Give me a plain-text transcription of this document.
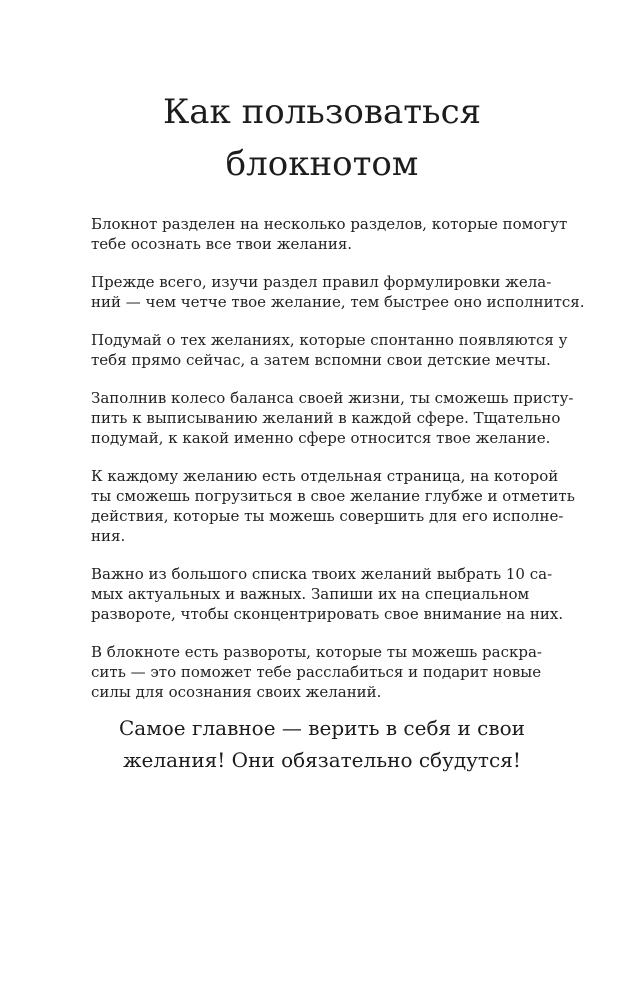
Как пользоваться
блокнотом

Блокнот разделен на несколько разделов, которые помогут
тебе осознать все твои желания.

Прежде всего, изучи раздел правил формулировки жела-
ний — чем четче твое желание, тем быстрее оно исполнится.

Подумай о тех желаниях, которые спонтанно появляются у
тебя прямо сейчас, а затем вспомни свои детские мечты.

Заполнив колесо баланса своей жизни, ты сможешь присту-
пить к выписыванию желаний в каждой сфере. Тщательно
подумай, к какой именно сфере относится твое желание.

К каждому желанию есть отдельная страница, на которой
ты сможешь погрузиться в свое желание глубже и отметить
действия, которые ты можешь совершить для его исполне-
ния.

Важно из большого списка твоих желаний выбрать 10 са-
мых актуальных и важных. Запиши их на специальном
развороте, чтобы сконцентрировать свое внимание на них.

В блокноте есть развороты, которые ты можешь раскра-
сить — это поможет тебе расслабиться и подарит новые
силы для осознания своих желаний.

Самое главное — верить в себя и свои
желания! Они обязательно сбудутся!
